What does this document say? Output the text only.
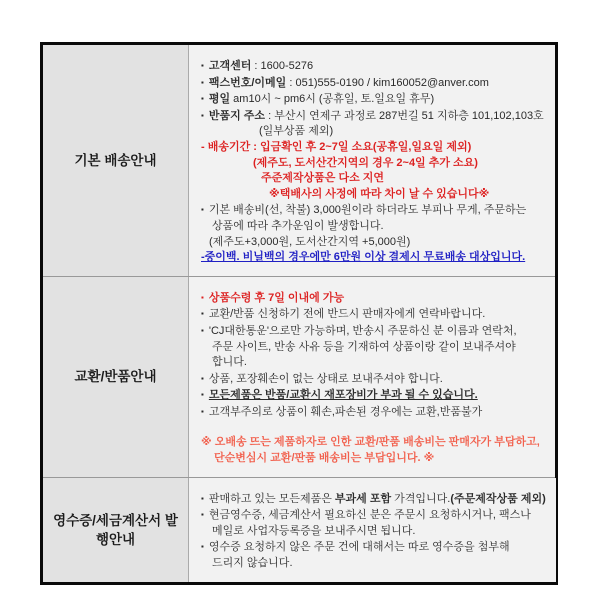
기본 배송안내
▪ 고객센터 : 1600-5276
▪ 팩스번호/이메일 : 051)555-0190 / kim160052@anver.com
▪ 평일 am10시 ~ pm6시 (공휴일, 토.일요일 휴무)
▪ 반품지 주소 : 부산시 연제구 과정로 287번길 51 지하층 101,102,103호
(일부상품 제외)
- 배송기간 : 입금확인 후 2~7일 소요(공휴일,일요일 제외)
(제주도, 도서산간지역의 경우 2~4일 추가 소요)
주준제작상품은 다소 지연
※택배사의 사정에 따라 차이 날 수 있습니다※
▪ 기본 배송비(선, 착불) 3,000원이라 하더라도 부피나 무게, 주문하는
상품에 따라 추가운임이 발생합니다.
(제주도+3,000원, 도서산간지역 +5,000원)
-중이백. 비닐백의 경우에만 6만원 이상 결제시 무료배송 대상입니다.
교환/반품안내
▪ 상품수령 후 7일 이내에 가능
▪ 교환/반품 신청하기 전에 반드시 판매자에게 연락바랍니다.
▪ 'CJ대한통운'으로만 가능하며, 반송시 주문하신 분 이름과 연락처,
주문 사이트, 반송 사유 등을 기재하여 상품이랑 같이 보내주셔야
합니다.
▪ 상품, 포장훼손이 없는 상태로 보내주셔야 합니다.
▪ 모든제품은 반품/교환시 재포장비가 부과 될 수 있습니다.
▪ 고객부주의로 상품이 훼손,파손된 경우에는 교환,반품불가
※ 오배송 뜨는 제품하자로 인한 교환/판품 배송비는 판매자가 부담하고,
단순변심시 교환/판품 배송비는 부담입니다. ※
영수증/세금계산서 발행안내
▪ 판매하고 있는 모든제품은 부과세 포함 가격입니다.(주문제작상품 제외)
▪ 현금영수증, 세금계산서 필요하신 분은 주문시 요청하시거나, 팩스나
메일로 사업자등록증을 보내주시면 됩니다.
▪ 영수증 요청하지 않은 주문 건에 대해서는 따로 영수증을 첨부해
드리지 않습니다.
